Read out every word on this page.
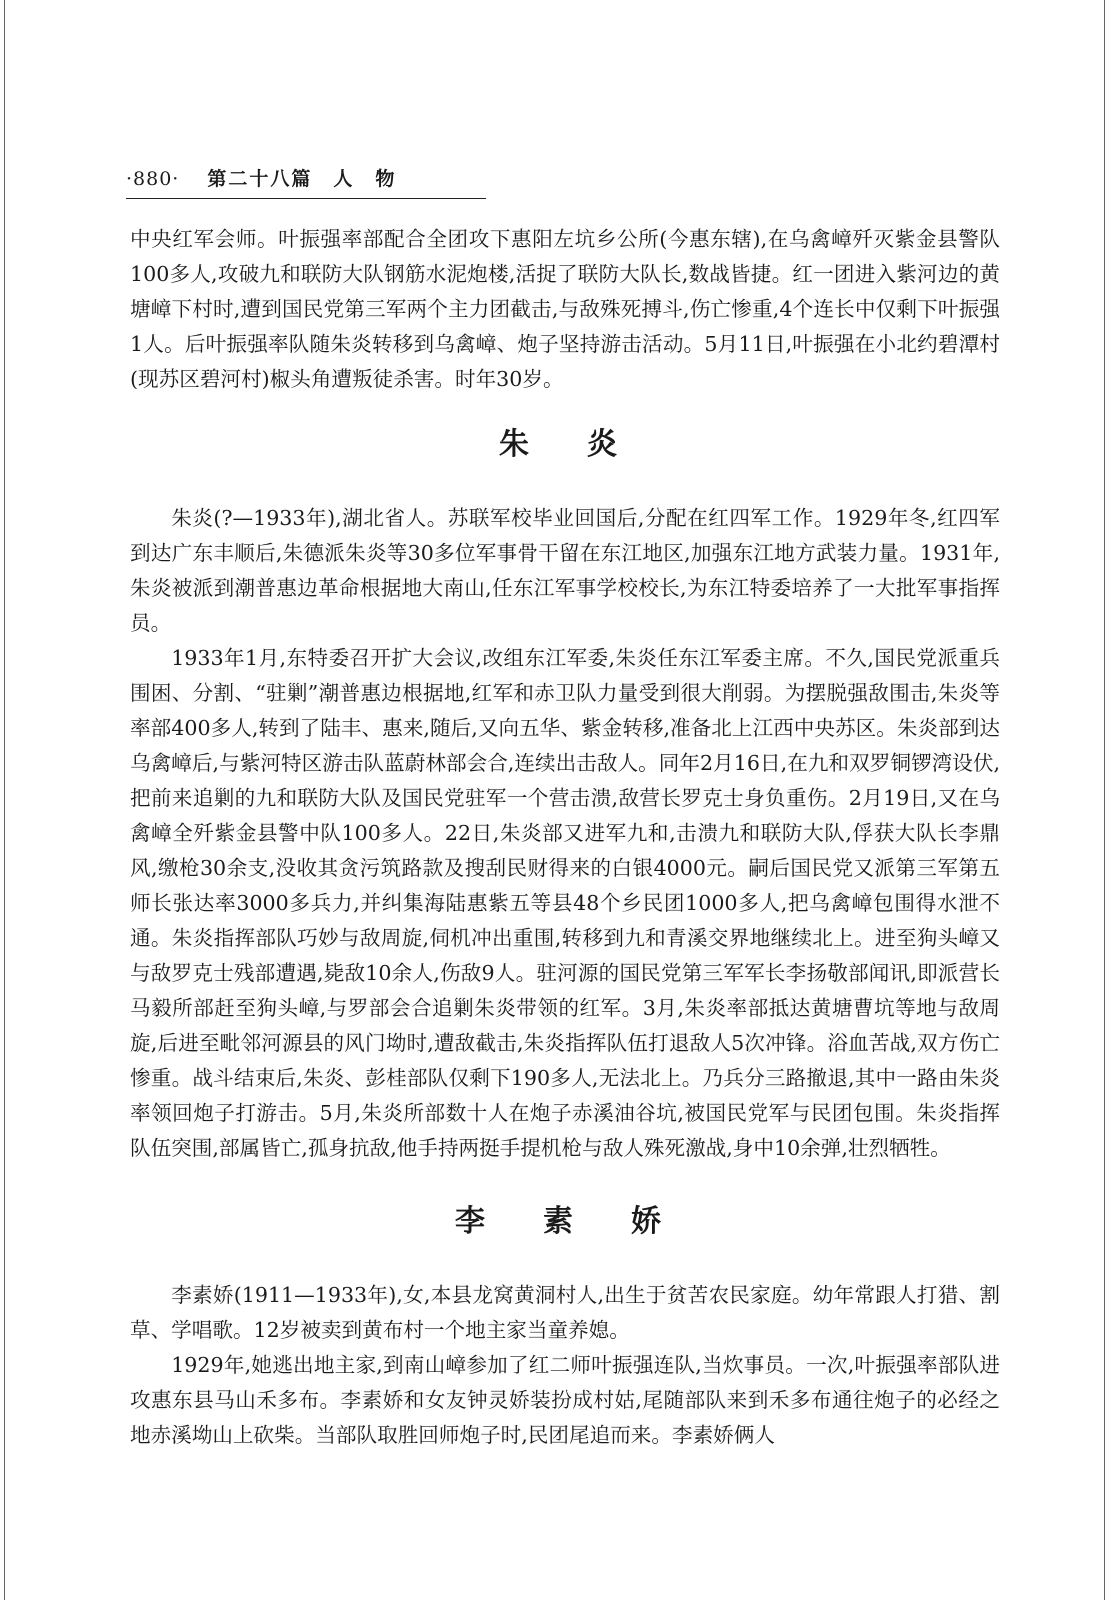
·880· 第二十八篇　人　物

中央红军会师。叶振强率部配合全团攻下惠阳左坑乡公所(今惠东辖),在乌禽嶂歼灭紫金县警队100多人,攻破九和联防大队钢筋水泥炮楼,活捉了联防大队长,数战皆捷。红一团进入紫河边的黄塘嶂下村时,遭到国民党第三军两个主力团截击,与敌殊死搏斗,伤亡惨重,4个连长中仅剩下叶振强1人。后叶振强率队随朱炎转移到乌禽嶂、炮子坚持游击活动。5月11日,叶振强在小北约碧潭村(现苏区碧河村)椒头角遭叛徒杀害。时年30岁。

朱　炎

朱炎(?—1933年),湖北省人。苏联军校毕业回国后,分配在红四军工作。1929年冬,红四军到达广东丰顺后,朱德派朱炎等30多位军事骨干留在东江地区,加强东江地方武装力量。1931年,朱炎被派到潮普惠边革命根据地大南山,任东江军事学校校长,为东江特委培养了一大批军事指挥员。

1933年1月,东特委召开扩大会议,改组东江军委,朱炎任东江军委主席。不久,国民党派重兵围困、分割、“驻剿”潮普惠边根据地,红军和赤卫队力量受到很大削弱。为摆脱强敌围击,朱炎等率部400多人,转到了陆丰、惠来,随后,又向五华、紫金转移,准备北上江西中央苏区。朱炎部到达乌禽嶂后,与紫河特区游击队蓝蔚林部会合,连续出击敌人。同年2月16日,在九和双罗铜锣湾设伏,把前来追剿的九和联防大队及国民党驻军一个营击溃,敌营长罗克士身负重伤。2月19日,又在乌禽嶂全歼紫金县警中队100多人。22日,朱炎部又进军九和,击溃九和联防大队,俘获大队长李鼎风,缴枪30余支,没收其贪污筑路款及搜刮民财得来的白银4000元。嗣后国民党又派第三军第五师长张达率3000多兵力,并纠集海陆惠紫五等县48个乡民团1000多人,把乌禽嶂包围得水泄不通。朱炎指挥部队巧妙与敌周旋,伺机冲出重围,转移到九和青溪交界地继续北上。进至狗头嶂又与敌罗克士残部遭遇,毙敌10余人,伤敌9人。驻河源的国民党第三军军长李扬敬部闻讯,即派营长马毅所部赶至狗头嶂,与罗部会合追剿朱炎带领的红军。3月,朱炎率部抵达黄塘曹坑等地与敌周旋,后进至毗邻河源县的风门坳时,遭敌截击,朱炎指挥队伍打退敌人5次冲锋。浴血苦战,双方伤亡惨重。战斗结束后,朱炎、彭桂部队仅剩下190多人,无法北上。乃兵分三路撤退,其中一路由朱炎率领回炮子打游击。5月,朱炎所部数十人在炮子赤溪油谷坑,被国民党军与民团包围。朱炎指挥队伍突围,部属皆亡,孤身抗敌,他手持两挺手提机枪与敌人殊死激战,身中10余弹,壮烈牺牲。

李　素　娇

李素娇(1911—1933年),女,本县龙窝黄洞村人,出生于贫苦农民家庭。幼年常跟人打猎、割草、学唱歌。12岁被卖到黄布村一个地主家当童养媳。

1929年,她逃出地主家,到南山嶂参加了红二师叶振强连队,当炊事员。一次,叶振强率部队进攻惠东县马山禾多布。李素娇和女友钟灵娇装扮成村姑,尾随部队来到禾多布通往炮子的必经之地赤溪坳山上砍柴。当部队取胜回师炮子时,民团尾追而来。李素娇俩人
